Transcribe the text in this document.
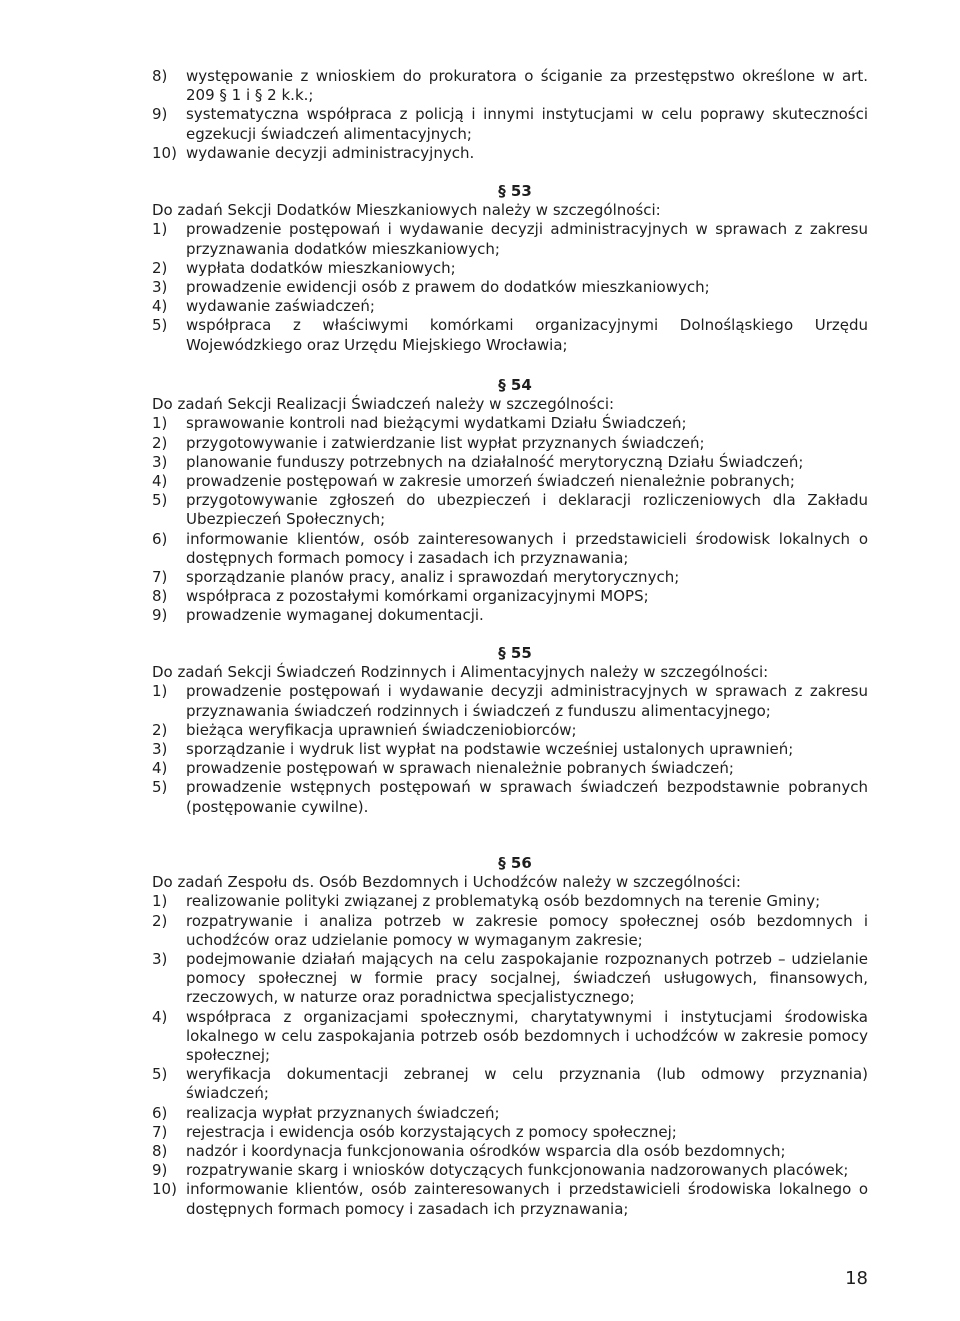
8)	występowanie z wnioskiem do prokuratora o ściganie za przestępstwo określone w art. 209 § 1 i § 2 k.k.;
9)	systematyczna współpraca z policją i innymi instytucjami w celu poprawy skuteczności egzekucji świadczeń alimentacyjnych;
10) wydawanie decyzji administracyjnych.
§ 53
Do zadań Sekcji Dodatków Mieszkaniowych należy w szczególności:
1)	prowadzenie postępowań i wydawanie decyzji administracyjnych w sprawach z zakresu przyznawania dodatków mieszkaniowych;
2)	wypłata dodatków mieszkaniowych;
3)	prowadzenie ewidencji osób z prawem do dodatków mieszkaniowych;
4)	wydawanie zaświadczeń;
5)	współpraca z właściwymi komórkami organizacyjnymi Dolnośląskiego Urzędu Wojewódzkiego oraz Urzędu Miejskiego Wrocławia;
§ 54
Do zadań Sekcji Realizacji Świadczeń należy w szczególności:
1)	sprawowanie kontroli nad bieżącymi wydatkami Działu Świadczeń;
2)	przygotowywanie i zatwierdzanie list wypłat przyznanych świadczeń;
3)	planowanie funduszy potrzebnych na działalność merytoryczną Działu Świadczeń;
4)	prowadzenie postępowań w zakresie umorzeń świadczeń nienależnie pobranych;
5)	przygotowywanie zgłoszeń do ubezpieczeń i deklaracji rozliczeniowych dla Zakładu Ubezpieczeń Społecznych;
6)	informowanie klientów, osób zainteresowanych i przedstawicieli środowisk lokalnych o dostępnych formach pomocy i zasadach ich przyznawania;
7)	sporządzanie planów pracy, analiz i sprawozdań merytorycznych;
8)	współpraca z pozostałymi komórkami organizacyjnymi MOPS;
9)	prowadzenie wymaganej dokumentacji.
§ 55
Do zadań Sekcji Świadczeń Rodzinnych i Alimentacyjnych należy w szczególności:
1)	prowadzenie postępowań i wydawanie decyzji administracyjnych w sprawach z zakresu przyznawania świadczeń rodzinnych i świadczeń z funduszu alimentacyjnego;
2)	bieżąca weryfikacja uprawnień świadczeniobiorców;
3)	sporządzanie i wydruk list wypłat na podstawie wcześniej ustalonych uprawnień;
4)	prowadzenie postępowań w sprawach nienależnie pobranych świadczeń;
5)	prowadzenie wstępnych postępowań w sprawach świadczeń bezpodstawnie pobranych (postępowanie cywilne).
§ 56
Do zadań Zespołu ds. Osób Bezdomnych i Uchodźców należy w szczególności:
1)	realizowanie polityki związanej z problematyką osób bezdomnych na terenie Gminy;
2)	rozpatrywanie i analiza potrzeb w zakresie pomocy społecznej osób bezdomnych i uchodźców oraz udzielanie pomocy w wymaganym zakresie;
3)	podejmowanie działań mających na celu zaspokajanie rozpoznanych potrzeb – udzielanie pomocy społecznej w formie pracy socjalnej, świadczeń usługowych, finansowych, rzeczowych, w naturze oraz poradnictwa specjalistycznego;
4)	współpraca z organizacjami społecznymi, charytatywnymi i instytucjami środowiska lokalnego w celu zaspokajania potrzeb osób bezdomnych i uchodźców w zakresie pomocy społecznej;
5)	weryfikacja dokumentacji zebranej w celu przyznania (lub odmowy przyznania) świadczeń;
6)	realizacja wypłat przyznanych świadczeń;
7)	rejestracja i ewidencja osób korzystających z pomocy społecznej;
8)	nadzór i koordynacja funkcjonowania ośrodków wsparcia dla osób bezdomnych;
9)	rozpatrywanie skarg i wniosków dotyczących funkcjonowania nadzorowanych placówek;
10) informowanie klientów, osób zainteresowanych i przedstawicieli środowiska lokalnego o dostępnych formach pomocy i zasadach ich przyznawania;
18
